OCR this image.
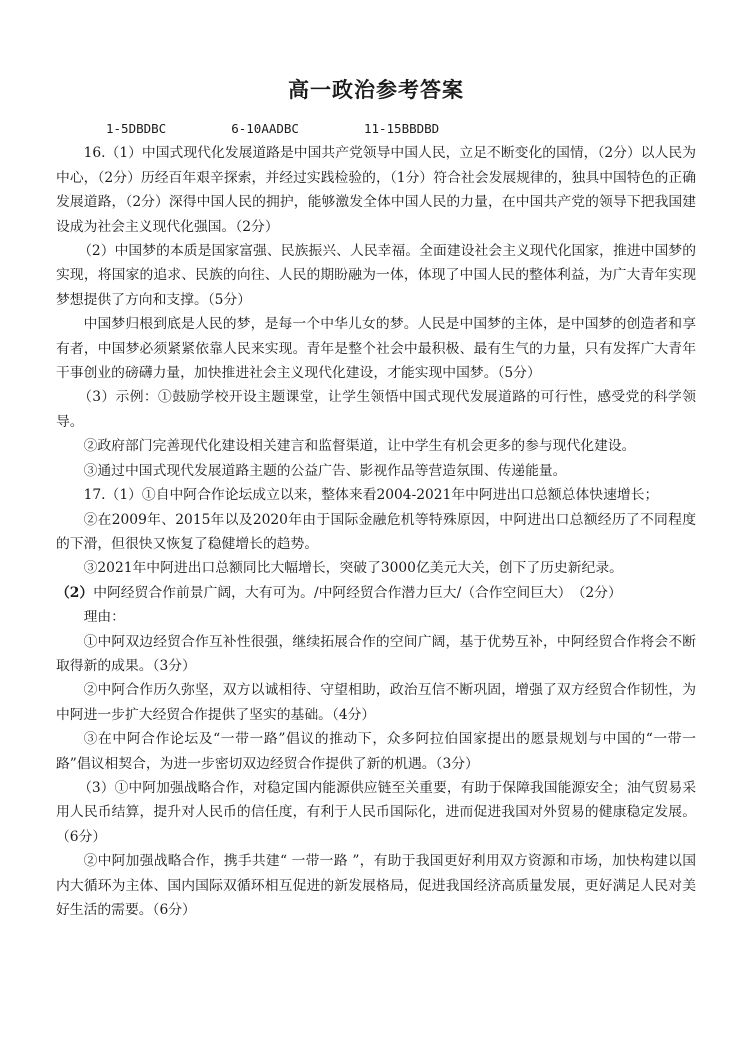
高一政治参考答案
1-5DBDBC	6-10AADBC	11-15BBDBD

16.（1）中国式现代化发展道路是中国共产党领导中国人民，立足不断变化的国情，（2分）以人民为中心，（2分）历经百年艰辛探索，并经过实践检验的，（1分）符合社会发展规律的，独具中国特色的正确发展道路，（2分）深得中国人民的拥护，能够激发全体中国人民的力量，在中国共产党的领导下把我国建设成为社会主义现代化强国。（2分）

（2）中国梦的本质是国家富强、民族振兴、人民幸福。全面建设社会主义现代化国家，推进中国梦的实现，将国家的追求、民族的向往、人民的期盼融为一体，体现了中国人民的整体利益，为广大青年实现梦想提供了方向和支撑。（5分）

中国梦归根到底是人民的梦，是每一个中华儿女的梦。人民是中国梦的主体，是中国梦的创造者和享有者，中国梦必须紧紧依靠人民来实现。青年是整个社会中最积极、最有生气的力量，只有发挥广大青年干事创业的磅礴力量，加快推进社会主义现代化建设，才能实现中国梦。（5分）

（3）示例：①鼓励学校开设主题课堂，让学生领悟中国式现代发展道路的可行性，感受党的科学领导。

②政府部门完善现代化建设相关建言和监督渠道，让中学生有机会更多的参与现代化建设。

③通过中国式现代发展道路主题的公益广告、影视作品等营造氛围、传递能量。

17.（1）①自中阿合作论坛成立以来，整体来看2004-2021年中阿进出口总额总体快速增长；

②在2009年、2015年以及2020年由于国际金融危机等特殊原因，中阿进出口总额经历了不同程度的下滑，但很快又恢复了稳健增长的趋势。

③2021年中阿进出口总额同比大幅增长，突破了3000亿美元大关，创下了历史新纪录。

（2）中阿经贸合作前景广阔，大有可为。/中阿经贸合作潜力巨大/（合作空间巨大）　（2分）

理由：

①中阿双边经贸合作互补性很强，继续拓展合作的空间广阔，基于优势互补，中阿经贸合作将会不断取得新的成果。（3分）

②中阿合作历久弥坚，双方以诚相待、守望相助，政治互信不断巩固，增强了双方经贸合作韧性，为中阿进一步扩大经贸合作提供了坚实的基础。（4分）

③在中阿合作论坛及“一带一路”倡议的推动下，众多阿拉伯国家提出的愿景规划与中国的“一带一路”倡议相契合，为进一步密切双边经贸合作提供了新的机遇。（3分）

（3）①中阿加强战略合作，对稳定国内能源供应链至关重要，有助于保障我国能源安全；油气贸易采用人民币结算，提升对人民币的信任度，有利于人民币国际化，进而促进我国对外贸易的健康稳定发展。（6分）

②中阿加强战略合作，携手共建“ 一带一路 ”，有助于我国更好利用双方资源和市场，加快构建以国内大循环为主体、国内国际双循环相互促进的新发展格局，促进我国经济高质量发展，更好满足人民对美好生活的需要。（6分）
